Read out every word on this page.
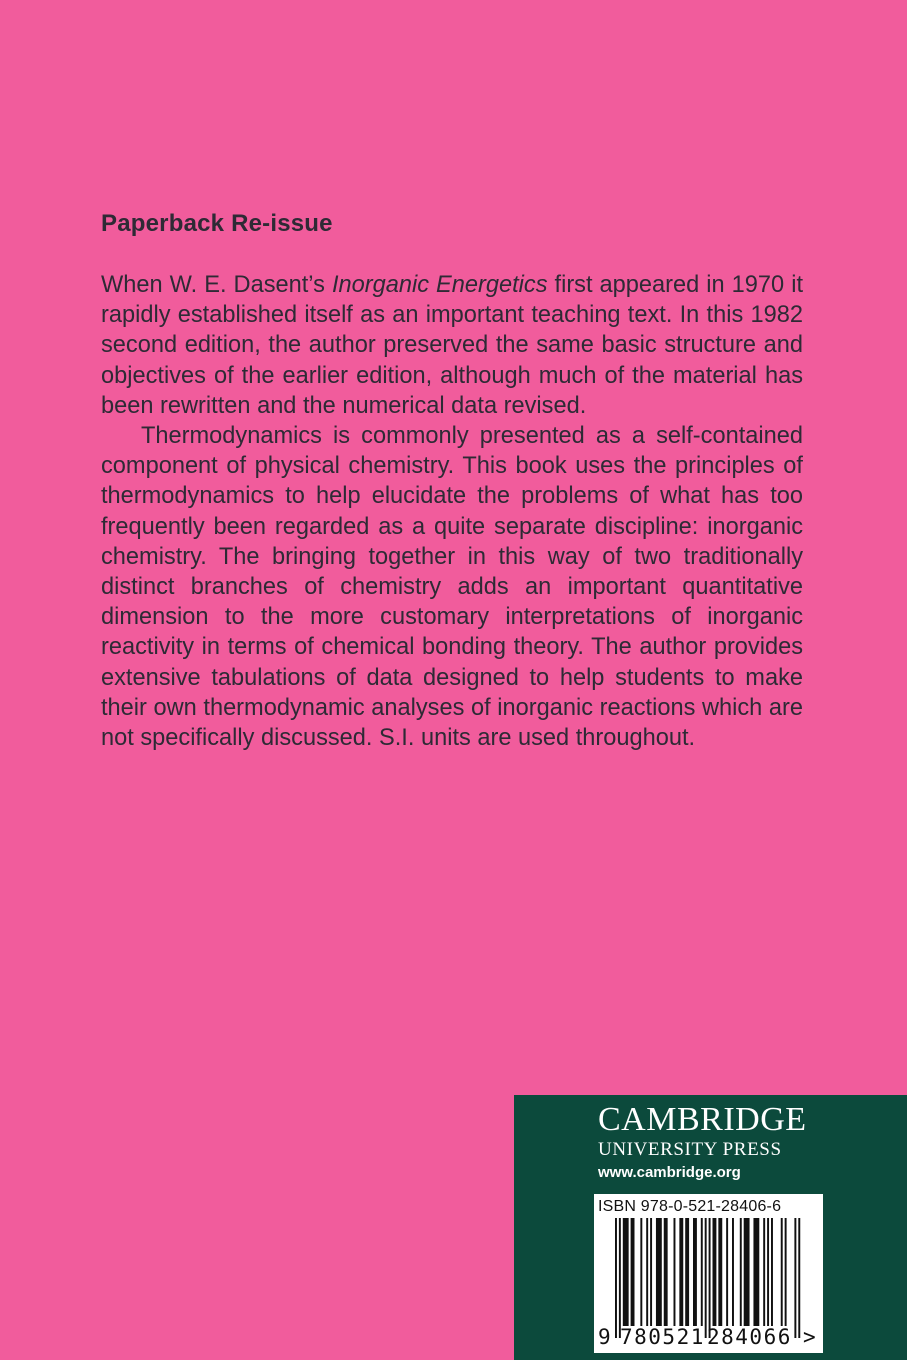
Paperback Re-issue

When W. E. Dasent’s Inorganic Energetics first appeared in 1970 it rapidly established itself as an important teaching text. In this 1982 second edition, the author preserved the same basic structure and objectives of the earlier edition, although much of the material has been rewritten and the numerical data revised.

Thermodynamics is commonly presented as a self-contained component of physical chemistry. This book uses the principles of thermodynamics to help elucidate the problems of what has too frequently been regarded as a quite separate discipline: inorganic chemistry. The bringing together in this way of two traditionally distinct branches of chemistry adds an important quantitative dimension to the more customary interpretations of inorganic reactivity in terms of chemical bonding theory. The author provides extensive tabulations of data designed to help students to make their own thermodynamic analyses of inorganic reactions which are not specifically discussed. S.I. units are used throughout.

CAMBRIDGE
UNIVERSITY PRESS
www.cambridge.org
ISBN 978-0-521-28406-6
9 780521 284066 >
